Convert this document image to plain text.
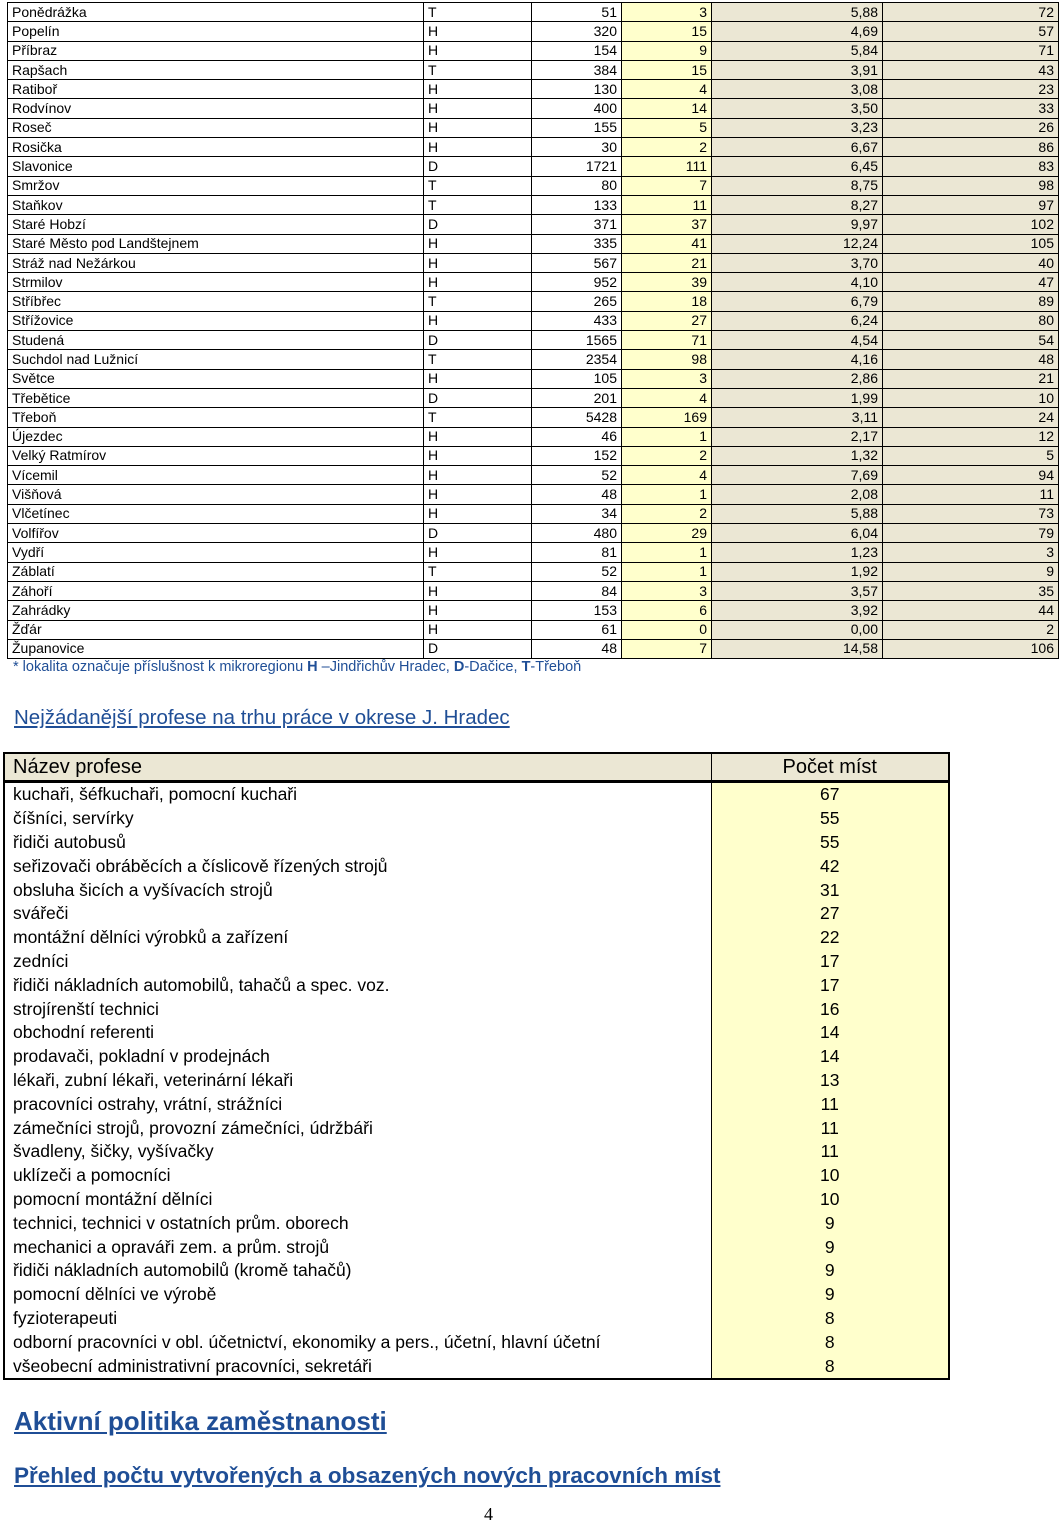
Ponědrážka	T	51	3	5,88	72
Popelín	H	320	15	4,69	57
Příbraz	H	154	9	5,84	71
Rapšach	T	384	15	3,91	43
Ratiboř	H	130	4	3,08	23
Rodvínov	H	400	14	3,50	33
Roseč	H	155	5	3,23	26
Rosička	H	30	2	6,67	86
Slavonice	D	1721	111	6,45	83
Smržov	T	80	7	8,75	98
Staňkov	T	133	11	8,27	97
Staré Hobzí	D	371	37	9,97	102
Staré Město pod Landštejnem	H	335	41	12,24	105
Stráž nad Nežárkou	H	567	21	3,70	40
Strmilov	H	952	39	4,10	47
Stříbřec	T	265	18	6,79	89
Střížovice	H	433	27	6,24	80
Studená	D	1565	71	4,54	54
Suchdol nad Lužnicí	T	2354	98	4,16	48
Světce	H	105	3	2,86	21
Třebětice	D	201	4	1,99	10
Třeboň	T	5428	169	3,11	24
Újezdec	H	46	1	2,17	12
Velký Ratmírov	H	152	2	1,32	5
Vícemil	H	52	4	7,69	94
Višňová	H	48	1	2,08	11
Vlčetínec	H	34	2	5,88	73
Volfířov	D	480	29	6,04	79
Vydří	H	81	1	1,23	3
Záblatí	T	52	1	1,92	9
Záhoří	H	84	3	3,57	35
Zahrádky	H	153	6	3,92	44
Žďár	H	61	0	0,00	2
Županovice	D	48	7	14,58	106
* lokalita označuje příslušnost k mikroregionu H –Jindřichův Hradec, D-Dačice, T-Třeboň
Nejžádanější profese na trhu práce v okrese J. Hradec
Název profese	Počet míst
kuchaři, šéfkuchaři, pomocní kuchaři	67
číšníci, servírky	55
řidiči autobusů	55
seřizovači obráběcích a číslicově řízených strojů	42
obsluha šicích a vyšívacích strojů	31
svářeči	27
montážní dělníci výrobků a zařízení	22
zedníci	17
řidiči nákladních automobilů, tahačů a spec. voz.	17
strojírenští technici	16
obchodní referenti	14
prodavači, pokladní v prodejnách	14
lékaři, zubní lékaři, veterinární lékaři	13
pracovníci ostrahy, vrátní, strážníci	11
zámečníci strojů, provozní zámečníci, údržbáři	11
švadleny, šičky, vyšívačky	11
uklízeči a pomocníci	10
pomocní montážní dělníci	10
technici, technici v ostatních prům. oborech	9
mechanici a opraváři zem. a prům. strojů	9
řidiči nákladních automobilů (kromě tahačů)	9
pomocní dělníci ve výrobě	9
fyzioterapeuti	8
odborní pracovníci v obl. účetnictví, ekonomiky a pers., účetní, hlavní účetní	8
všeobecní administrativní pracovníci, sekretáři	8
Aktivní politika zaměstnanosti
Přehled počtu vytvořených a obsazených nových pracovních míst
4
